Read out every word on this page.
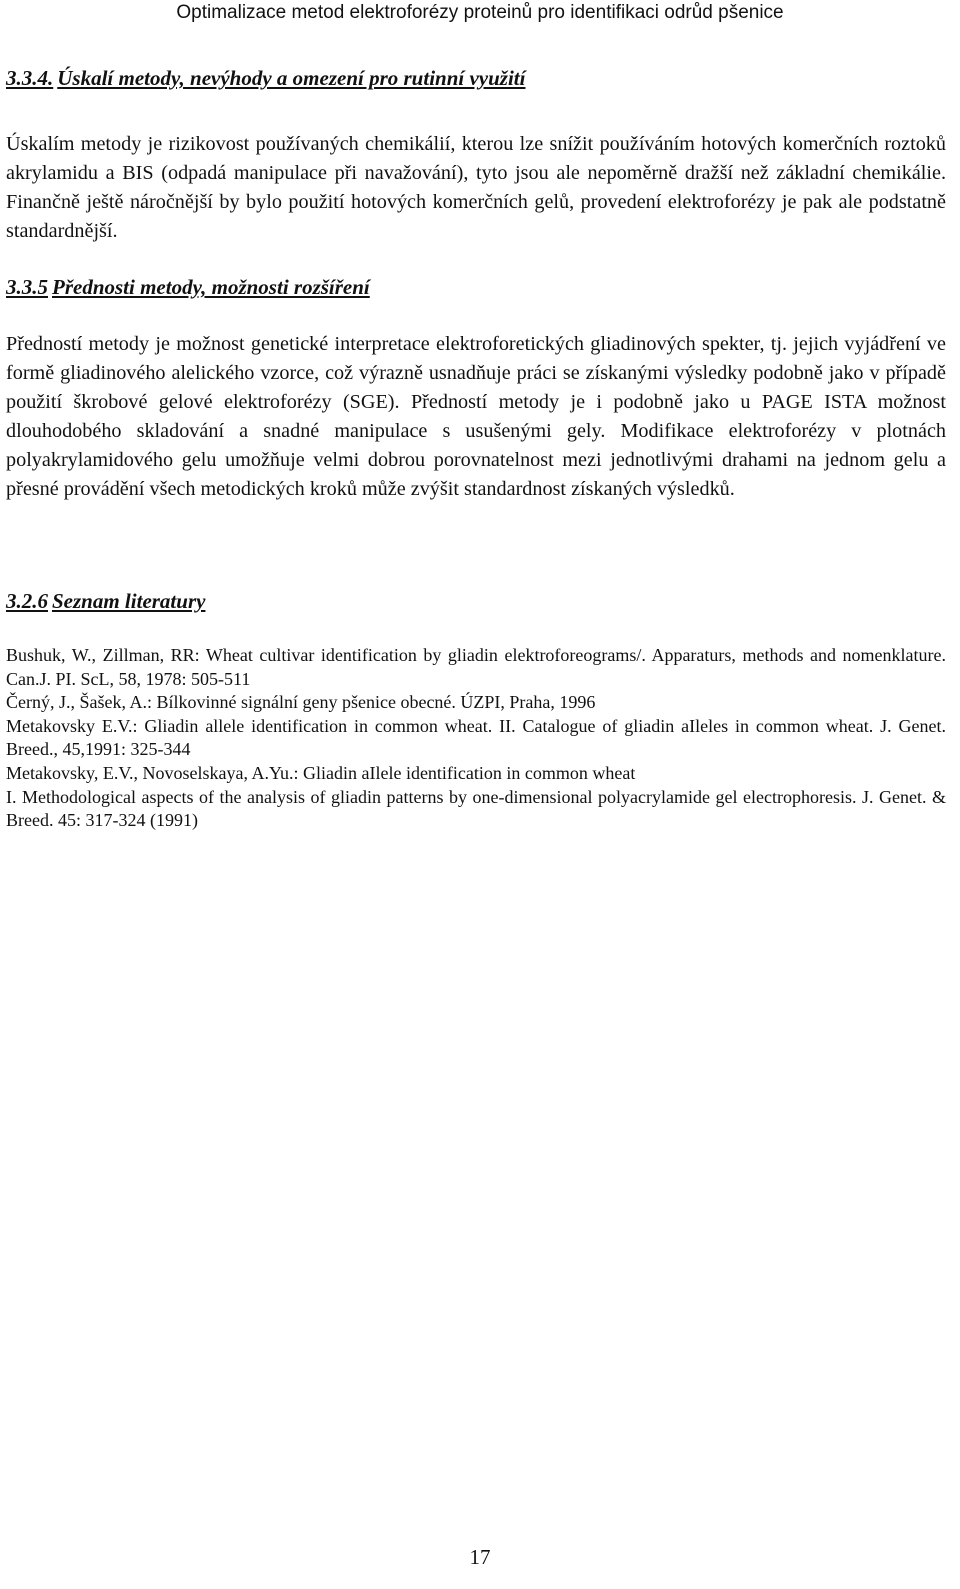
Optimalizace metod elektroforézy proteinů pro identifikaci odrůd pšenice
3.3.4. Úskalí metody, nevýhody a omezení pro rutinní využití
Úskalím metody je rizikovost používaných chemikálií, kterou lze snížit používáním hotových komerčních roztoků akrylamidu a BIS (odpadá manipulace při navažování), tyto jsou ale nepoměrně dražší než základní chemikálie. Finančně ještě náročnější by bylo použití hotových komerčních gelů, provedení elektroforézy je pak ale podstatně standardnější.
3.3.5 Přednosti metody, možnosti rozšíření
Předností metody je možnost genetické interpretace elektroforetických gliadinových spekter, tj. jejich vyjádření ve formě gliadinového alelického vzorce, což výrazně usnadňuje práci se získanými výsledky podobně jako v případě použití škrobové gelové elektroforézy (SGE). Předností metody je i podobně jako u PAGE ISTA možnost dlouhodobého skladování a snadné manipulace s usušenými gely. Modifikace elektroforézy v plotnách polyakrylamidového gelu umožňuje velmi dobrou porovnatelnost mezi jednotlivými drahami na jednom gelu a přesné provádění všech metodických kroků může zvýšit standardnost získaných výsledků.
3.2.6 Seznam literatury
Bushuk, W., Zillman, RR: Wheat cultivar identification by gliadin elektroforeograms/. Apparaturs, methods and nomenklature. Can.J. PI. ScL, 58, 1978: 505-511
Černý, J., Šašek, A.: Bílkovinné signální geny pšenice obecné. ÚZPI, Praha, 1996
Metakovsky E.V.: Gliadin allele identification in common wheat. II. Catalogue of gliadin aIleles in common wheat. J. Genet. Breed., 45,1991: 325-344
Metakovsky, E.V., Novoselskaya, A.Yu.: Gliadin aIlele identification in common wheat
I. Methodological aspects of the analysis of gliadin patterns by one-dimensional polyacrylamide gel electrophoresis. J. Genet. & Breed. 45: 317-324 (1991)
17
